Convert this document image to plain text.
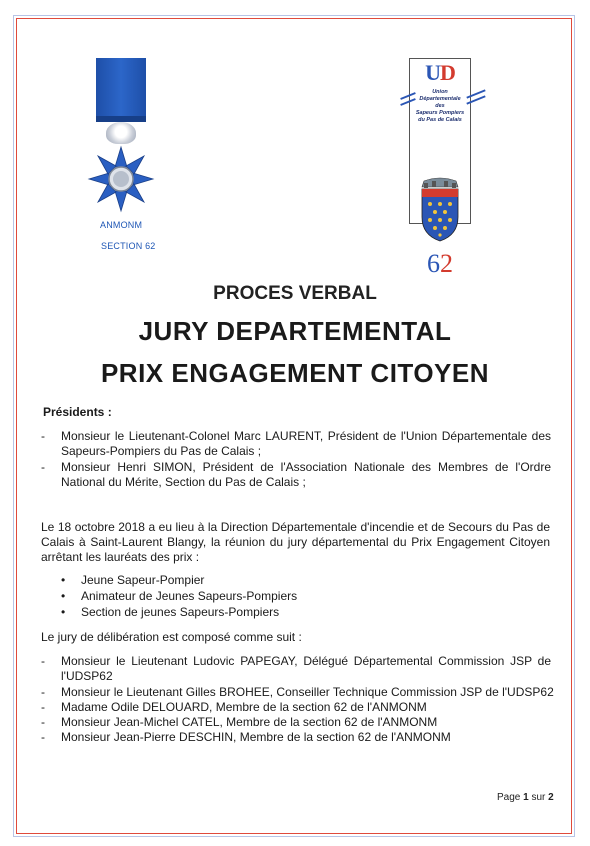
ANMONM
SECTION 62
UD
Union
Départementale
des
Sapeurs Pompiers
du Pas de Calais
62
PROCES VERBAL
JURY DEPARTEMENTAL
PRIX ENGAGEMENT CITOYEN
Présidents :
-	Monsieur le Lieutenant-Colonel Marc LAURENT, Président de l'Union Départementale des Sapeurs-Pompiers du Pas de Calais ;
-	Monsieur Henri SIMON, Président de l'Association Nationale des Membres de l'Ordre National du Mérite, Section du Pas de Calais ;
Le 18 octobre 2018 a eu lieu à la Direction Départementale d'incendie et de Secours du Pas de Calais à Saint-Laurent Blangy, la réunion du jury départemental du Prix Engagement Citoyen arrêtant les lauréats des prix :
• Jeune Sapeur-Pompier
• Animateur de Jeunes Sapeurs-Pompiers
• Section de jeunes Sapeurs-Pompiers
Le jury de délibération est composé comme suit :
-	Monsieur le Lieutenant Ludovic PAPEGAY, Délégué Départemental Commission JSP de l'UDSP62
-	Monsieur le Lieutenant Gilles BROHEE, Conseiller Technique Commission JSP de l'UDSP62
-	Madame Odile DELOUARD, Membre de la section 62 de l'ANMONM
-	Monsieur Jean-Michel CATEL, Membre de la section 62 de l'ANMONM
-	Monsieur Jean-Pierre DESCHIN, Membre de la section 62 de l'ANMONM
Page 1 sur 2
